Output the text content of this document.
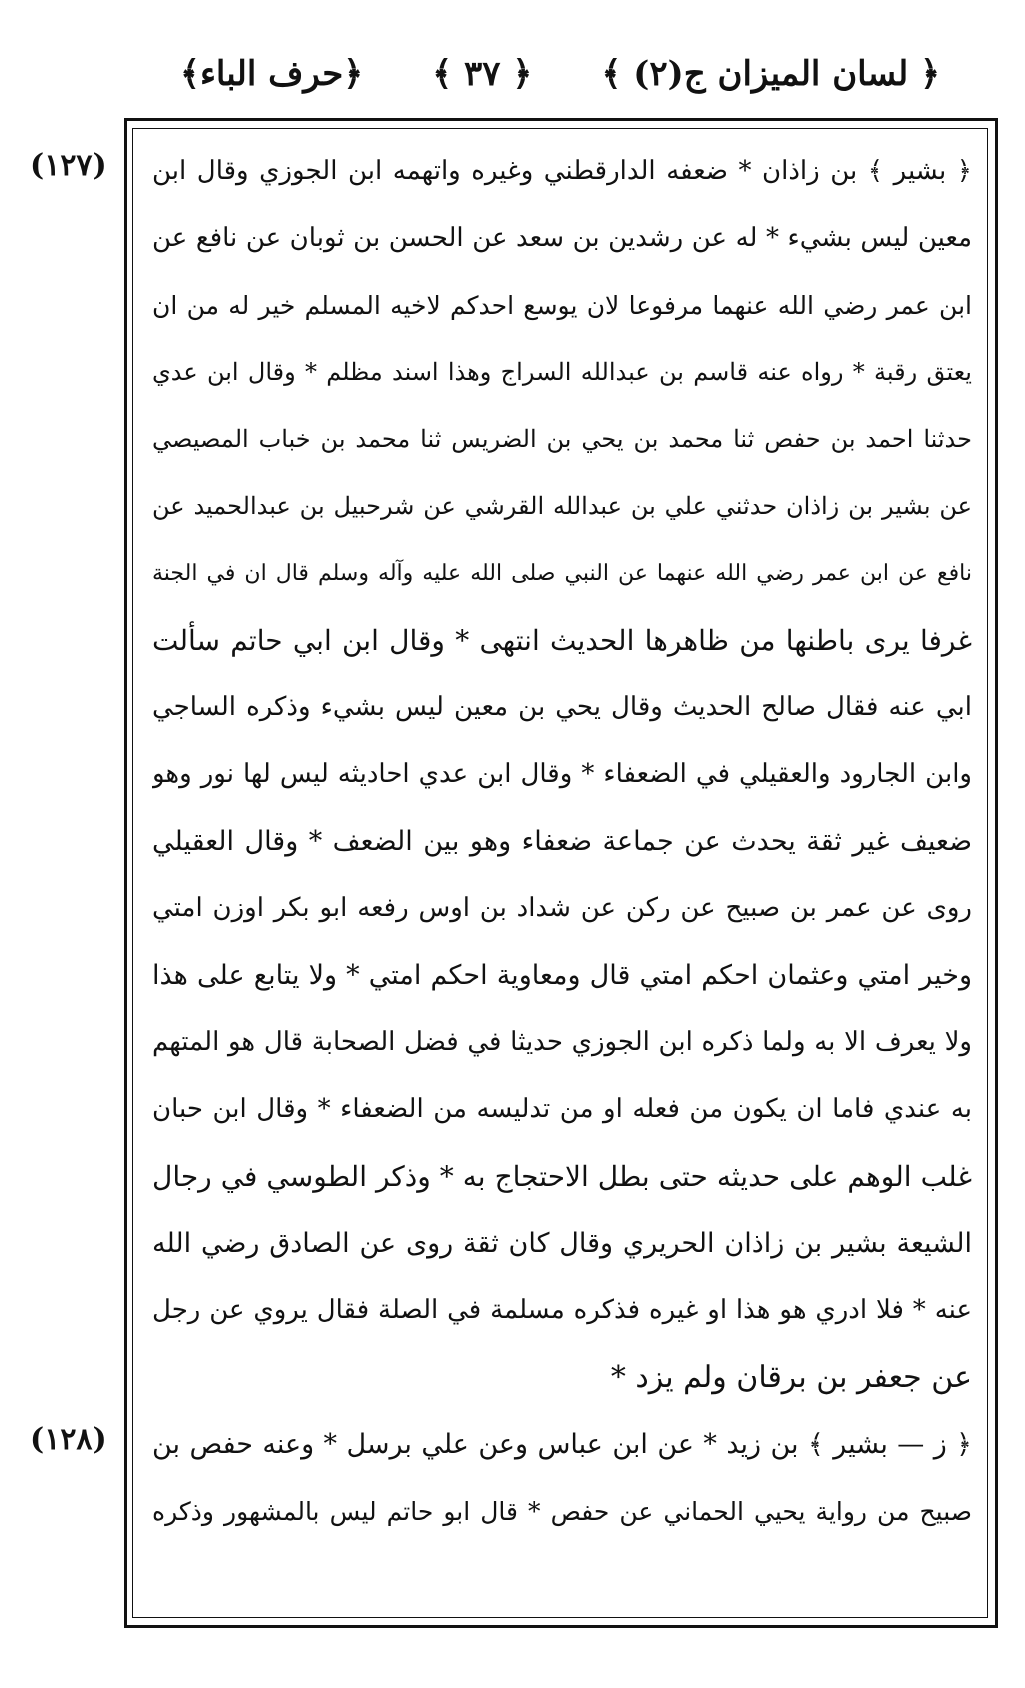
﴿حرف الباء﴾ ﴿ ٣٧ ﴾ ﴿ لسان الميزان ج(٢) ﴾
(١٢٧)
(١٢٨)
﴿ بشير ﴾ بن زاذان * ضعفه الدارقطني وغيره واتهمه ابن الجوزي وقال ابن
معين ليس بشيء * له عن رشدين بن سعد عن الحسن بن ثوبان عن نافع عن
ابن عمر رضي الله عنهما مرفوعا لان يوسع احدكم لاخيه المسلم خير له من ان
يعتق رقبة * رواه عنه قاسم بن عبدالله السراج وهذا اسند مظلم * وقال ابن عدي
حدثنا احمد بن حفص ثنا محمد بن يحي بن الضريس ثنا محمد بن خباب المصيصي
عن بشير بن زاذان حدثني علي بن عبدالله القرشي عن شرحبيل بن عبدالحميد عن
نافع عن ابن عمر رضي الله عنهما عن النبي صلى الله عليه وآله وسلم قال ان في الجنة
غرفا يرى باطنها من ظاهرها الحديث انتهى * وقال ابن ابي حاتم سألت
ابي عنه فقال صالح الحديث وقال يحي بن معين ليس بشيء وذكره الساجي
وابن الجارود والعقيلي في الضعفاء * وقال ابن عدي احاديثه ليس لها نور وهو
ضعيف غير ثقة يحدث عن جماعة ضعفاء وهو بين الضعف * وقال العقيلي
روى عن عمر بن صبيح عن ركن عن شداد بن اوس رفعه ابو بكر اوزن امتي
وخير امتي وعثمان احكم امتي قال ومعاوية احكم امتي * ولا يتابع على هذا
ولا يعرف الا به ولما ذكره ابن الجوزي حديثا في فضل الصحابة قال هو المتهم
به عندي فاما ان يكون من فعله او من تدليسه من الضعفاء * وقال ابن حبان
غلب الوهم على حديثه حتى بطل الاحتجاج به * وذكر الطوسي في رجال
الشيعة بشير بن زاذان الحريري وقال كان ثقة روى عن الصادق رضي الله
عنه * فلا ادري هو هذا او غيره فذكره مسلمة في الصلة فقال يروي عن رجل
عن جعفر بن برقان ولم يزد *
﴿ ز — بشير ﴾ بن زيد * عن ابن عباس وعن علي برسل * وعنه حفص بن
صبيح من رواية يحيي الحماني عن حفص * قال ابو حاتم ليس بالمشهور وذكره
